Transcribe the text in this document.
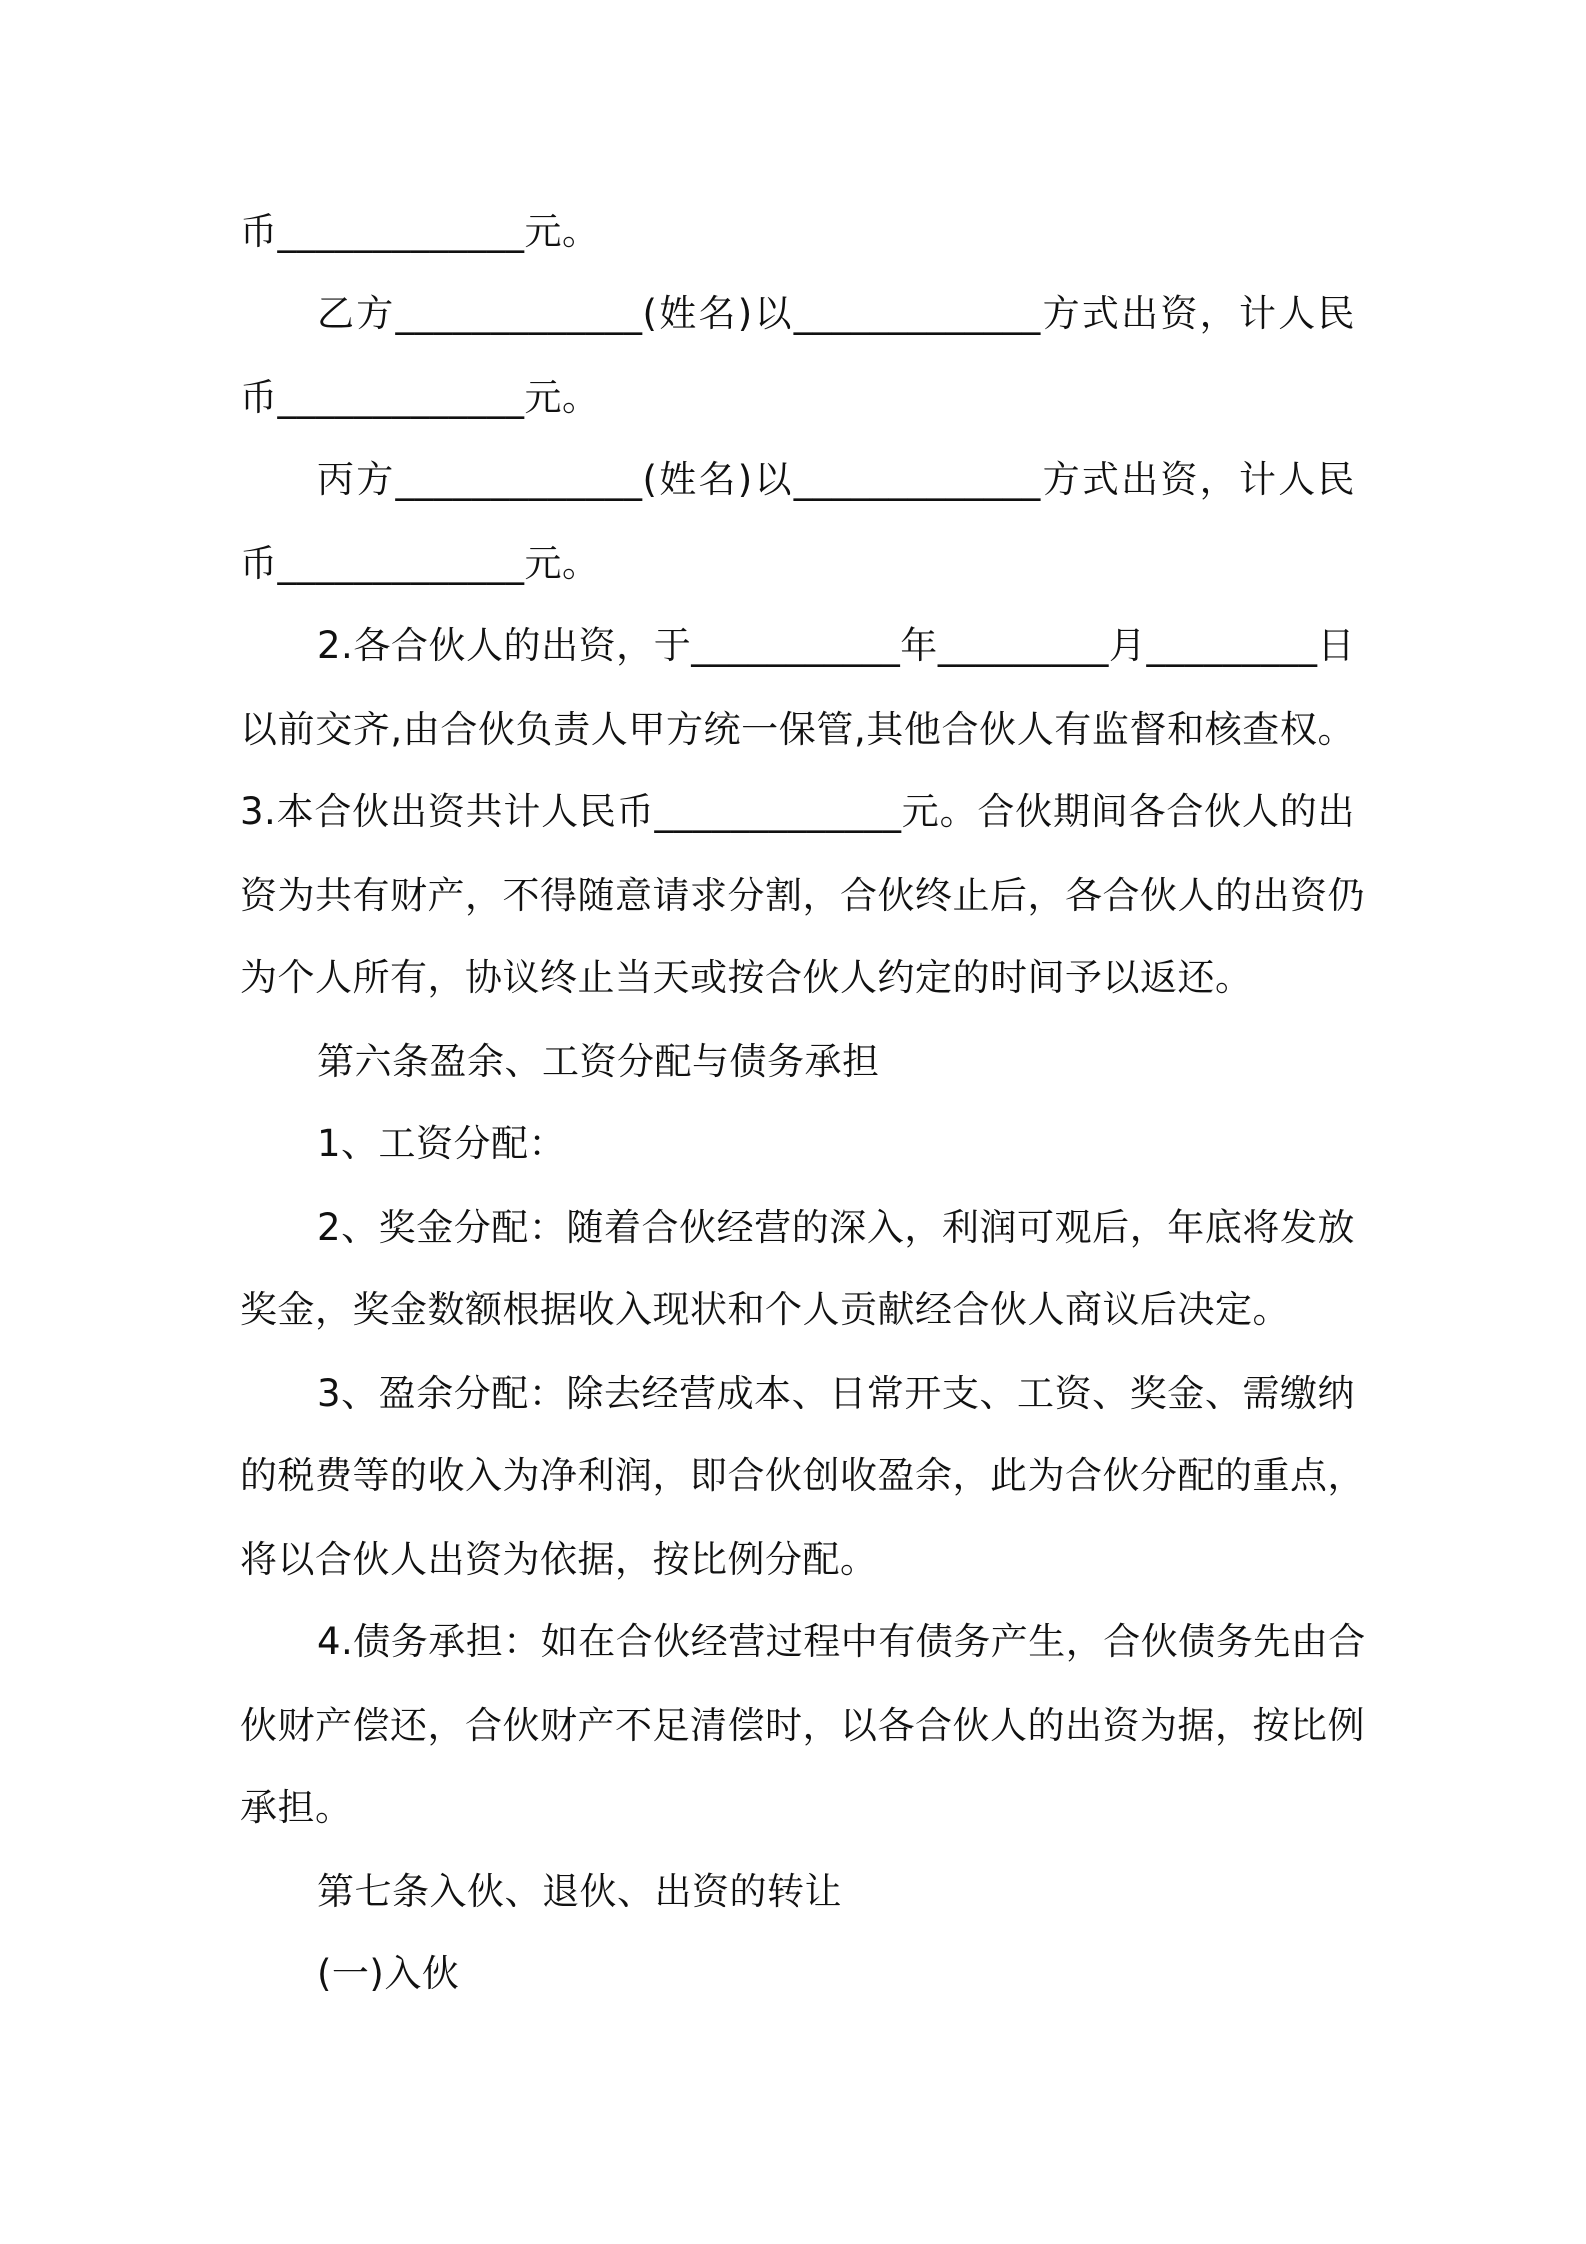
币_____________元。
乙方_____________(姓名)以_____________方式出资，计人民
币_____________元。
丙方_____________(姓名)以_____________方式出资，计人民
币_____________元。
2.各合伙人的出资，于___________年_________月_________日
以前交齐,由合伙负责人甲方统一保管,其他合伙人有监督和核查权。
3.本合伙出资共计人民币_____________元。合伙期间各合伙人的出
资为共有财产，不得随意请求分割，合伙终止后，各合伙人的出资仍
为个人所有，协议终止当天或按合伙人约定的时间予以返还。
第六条盈余、工资分配与债务承担
1、工资分配：
2、奖金分配：随着合伙经营的深入，利润可观后，年底将发放
奖金，奖金数额根据收入现状和个人贡献经合伙人商议后决定。
3、盈余分配：除去经营成本、日常开支、工资、奖金、需缴纳
的税费等的收入为净利润，即合伙创收盈余，此为合伙分配的重点，
将以合伙人出资为依据，按比例分配。
4.债务承担：如在合伙经营过程中有债务产生，合伙债务先由合
伙财产偿还，合伙财产不足清偿时，以各合伙人的出资为据，按比例
承担。
第七条入伙、退伙、出资的转让
(一)入伙
